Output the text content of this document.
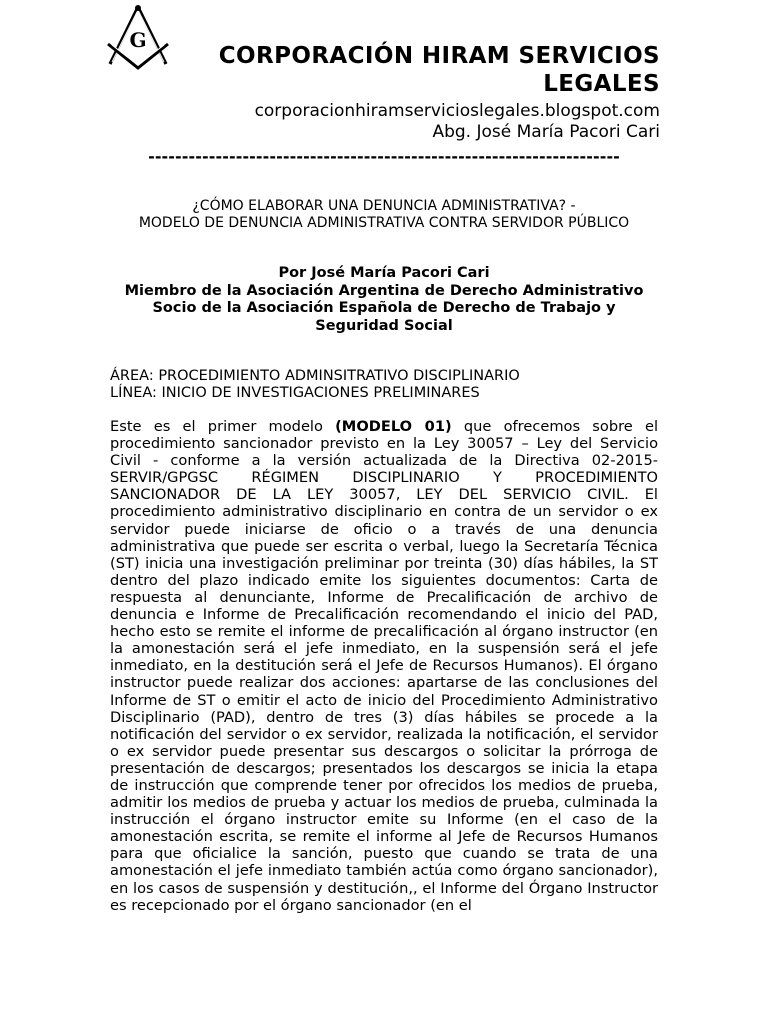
G
CORPORACIÓN HIRAM SERVICIOS LEGALES
corporacionhiramservicioslegales.blogspot.com
Abg. José María Pacori Cari
----------------------------------------------------------------------
¿CÓMO ELABORAR UNA DENUNCIA ADMINISTRATIVA? -
MODELO DE DENUNCIA ADMINISTRATIVA CONTRA SERVIDOR PÚBLICO
Por José María Pacori Cari
Miembro de la Asociación Argentina de Derecho Administrativo
Socio de la Asociación Española de Derecho de Trabajo y Seguridad Social
ÁREA: PROCEDIMIENTO ADMINSITRATIVO DISCIPLINARIO
LÍNEA: INICIO DE INVESTIGACIONES PRELIMINARES
Este es el primer modelo (MODELO 01) que ofrecemos sobre el procedimiento sancionador previsto en la Ley 30057 – Ley del Servicio Civil - conforme a la versión actualizada de la Directiva 02-2015-SERVIR/GPGSC RÉGIMEN DISCIPLINARIO Y PROCEDIMIENTO SANCIONADOR DE LA LEY 30057, LEY DEL SERVICIO CIVIL. El procedimiento administrativo disciplinario en contra de un servidor o ex servidor puede iniciarse de oficio o a través de una denuncia administrativa que puede ser escrita o verbal, luego la Secretaría Técnica (ST) inicia una investigación preliminar por treinta (30) días hábiles, la ST dentro del plazo indicado emite los siguientes documentos: Carta de respuesta al denunciante, Informe de Precalificación de archivo de denuncia e Informe de Precalificación recomendando el inicio del PAD, hecho esto se remite el informe de precalificación al órgano instructor (en la amonestación será el jefe inmediato, en la suspensión será el jefe inmediato, en la destitución será el Jefe de Recursos Humanos). El órgano instructor puede realizar dos acciones: apartarse de las conclusiones del Informe de ST o emitir el acto de inicio del Procedimiento Administrativo Disciplinario (PAD), dentro de tres (3) días hábiles se procede a la notificación del servidor o ex servidor, realizada la notificación, el servidor o ex servidor puede presentar sus descargos o solicitar la prórroga de presentación de descargos; presentados los descargos se inicia la etapa de instrucción que comprende tener por ofrecidos los medios de prueba, admitir los medios de prueba y actuar los medios de prueba, culminada la instrucción el órgano instructor emite su Informe (en el caso de la amonestación escrita, se remite el informe al Jefe de Recursos Humanos para que oficialice la sanción, puesto que cuando se trata de una amonestación el jefe inmediato también actúa como órgano sancionador), en los casos de suspensión y destitución,, el Informe del Órgano Instructor es recepcionado por el órgano sancionador (en el
